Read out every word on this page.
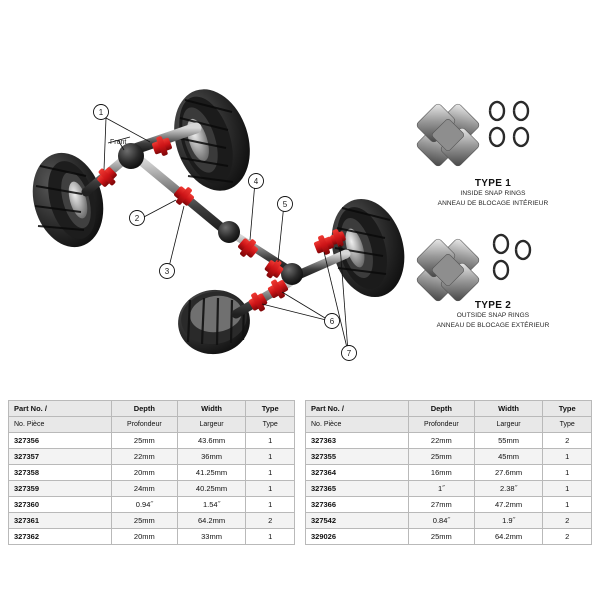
Front
1
2
3
4
5
6
7
TYPE 1
INSIDE SNAP RINGS
ANNEAU DE BLOCAGE INTÉRIEUR
TYPE 2
OUTSIDE SNAP RINGS
ANNEAU DE BLOCAGE EXTÉRIEUR
Part No. /	Depth	Width	Type
No. Pièce	Profondeur	Largeur	Type
327356	25mm	43.6mm	1
327357	22mm	36mm	1
327358	20mm	41.25mm	1
327359	24mm	40.25mm	1
327360	0.94˝	1.54˝	1
327361	25mm	64.2mm	2
327362	20mm	33mm	1
Part No. /	Depth	Width	Type
No. Pièce	Profondeur	Largeur	Type
327363	22mm	55mm	2
327355	25mm	45mm	1
327364	16mm	27.6mm	1
327365	1˝	2.38˝	1
327366	27mm	47.2mm	1
327542	0.84˝	1.9˝	2
329026	25mm	64.2mm	2
